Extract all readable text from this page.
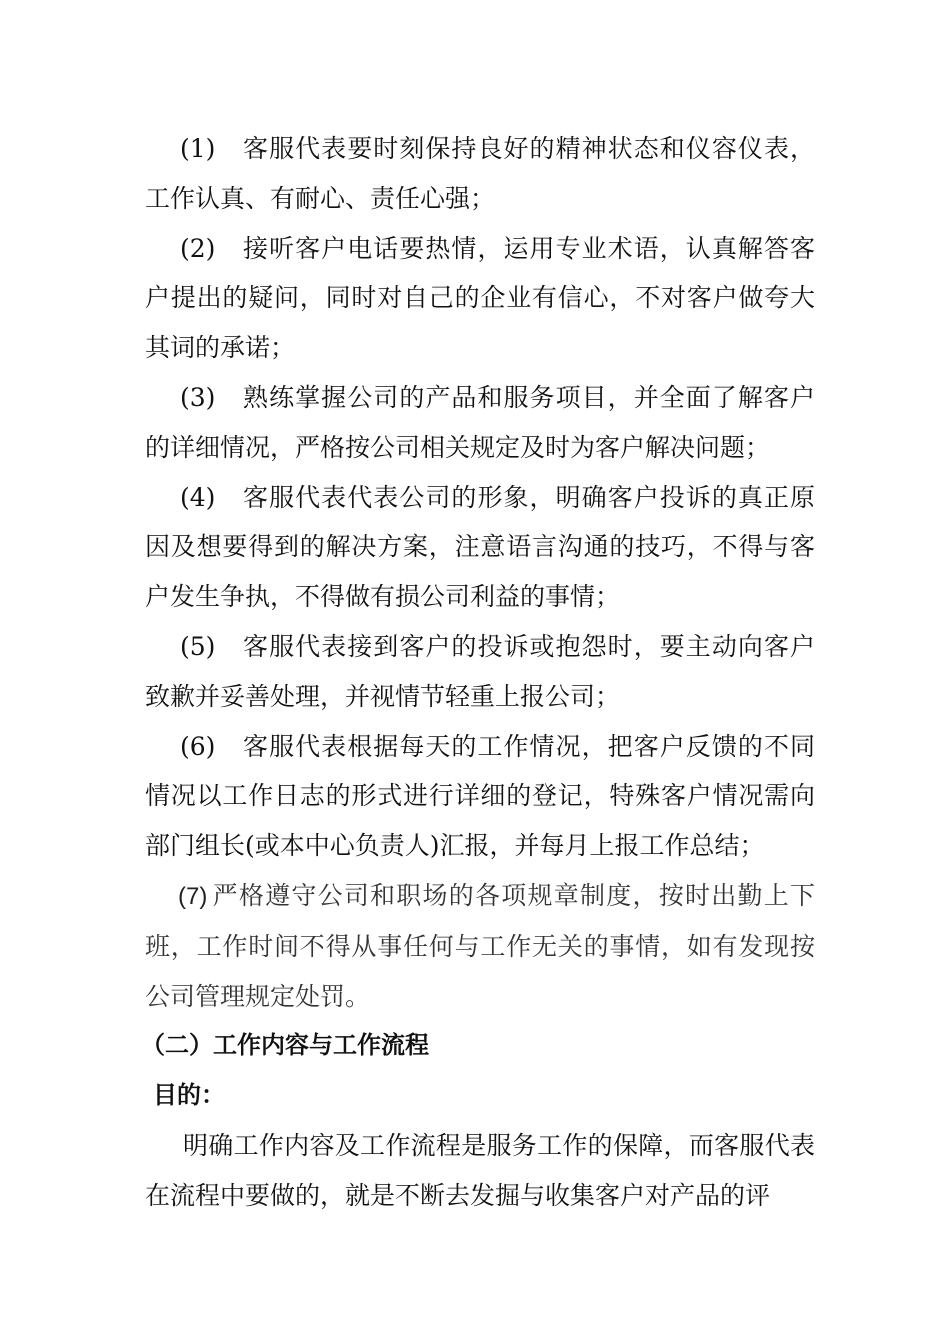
(1) 客服代表要时刻保持良好的精神状态和仪容仪表，工作认真、有耐心、责任心强；

(2) 接听客户电话要热情，运用专业术语，认真解答客户提出的疑问，同时对自己的企业有信心，不对客户做夸大其词的承诺；

(3) 熟练掌握公司的产品和服务项目，并全面了解客户的详细情况，严格按公司相关规定及时为客户解决问题；

(4) 客服代表代表公司的形象，明确客户投诉的真正原因及想要得到的解决方案，注意语言沟通的技巧，不得与客户发生争执，不得做有损公司利益的事情；

(5) 客服代表接到客户的投诉或抱怨时，要主动向客户致歉并妥善处理，并视情节轻重上报公司；

(6) 客服代表根据每天的工作情况，把客户反馈的不同情况以工作日志的形式进行详细的登记，特殊客户情况需向部门组长(或本中心负责人)汇报，并每月上报工作总结；

(7) 严格遵守公司和职场的各项规章制度，按时出勤上下班，工作时间不得从事任何与工作无关的事情，如有发现按公司管理规定处罚。

（二）工作内容与工作流程

目的：

明确工作内容及工作流程是服务工作的保障，而客服代表在流程中要做的，就是不断去发掘与收集客户对产品的评
